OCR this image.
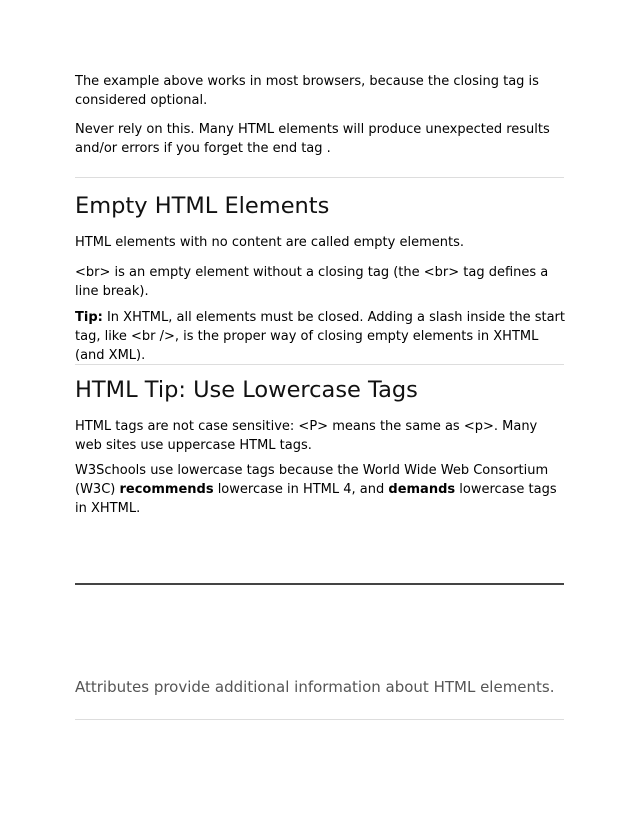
The example above works in most browsers, because the closing tag is considered optional.

Never rely on this. Many HTML elements will produce unexpected results and/or errors if you forget the end tag .

Empty HTML Elements

HTML elements with no content are called empty elements.

<br> is an empty element without a closing tag (the <br> tag defines a line break).

Tip: In XHTML, all elements must be closed. Adding a slash inside the start tag, like <br />, is the proper way of closing empty elements in XHTML (and XML).

HTML Tip: Use Lowercase Tags

HTML tags are not case sensitive: <P> means the same as <p>. Many web sites use uppercase HTML tags.

W3Schools use lowercase tags because the World Wide Web Consortium (W3C) recommends lowercase in HTML 4, and demands lowercase tags in XHTML.

Attributes provide additional information about HTML elements.
